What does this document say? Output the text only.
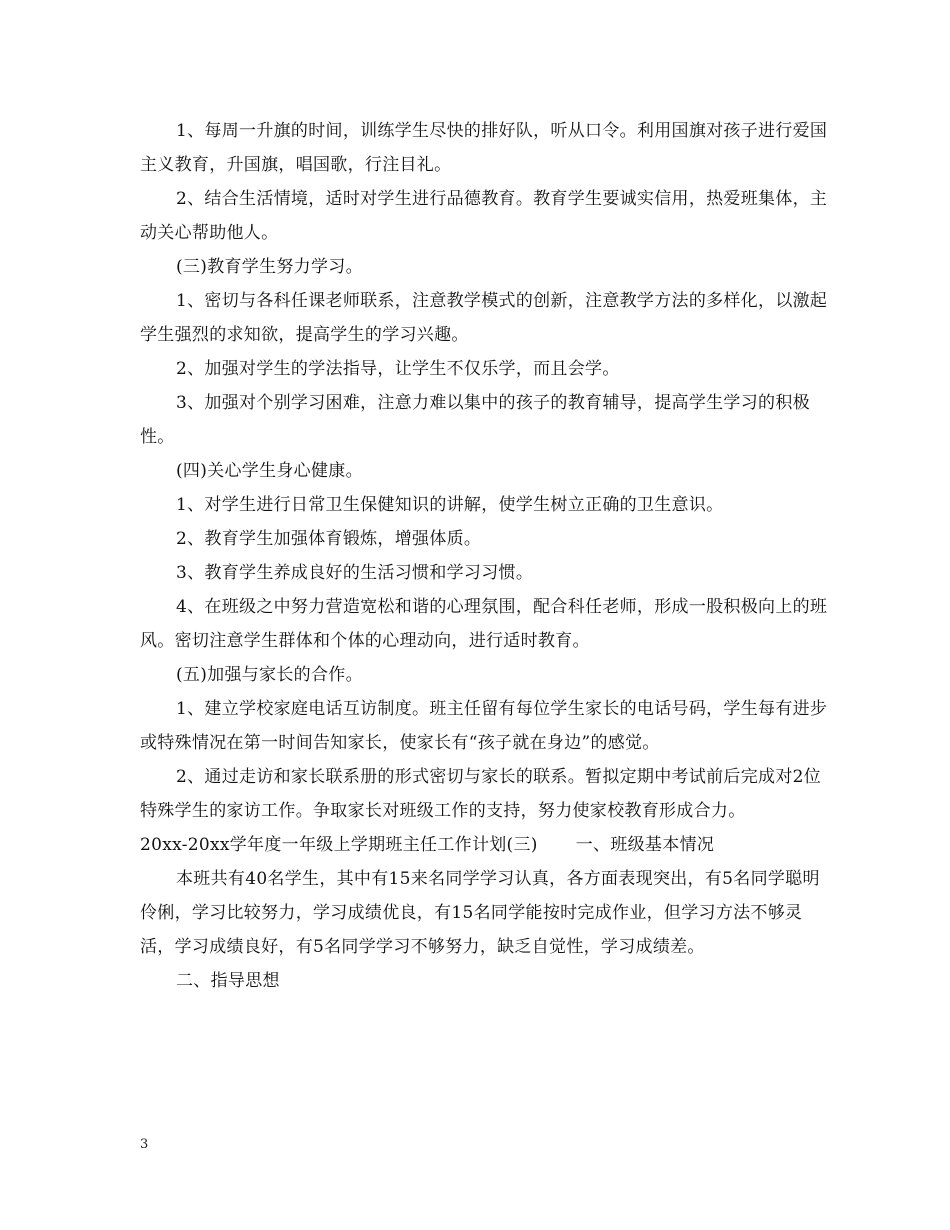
1、每周一升旗的时间，训练学生尽快的排好队，听从口令。利用国旗对孩子进行爱国主义教育，升国旗，唱国歌，行注目礼。

2、结合生活情境，适时对学生进行品德教育。教育学生要诚实信用，热爱班集体，主动关心帮助他人。

(三)教育学生努力学习。

1、密切与各科任课老师联系，注意教学模式的创新，注意教学方法的多样化，以激起学生强烈的求知欲，提高学生的学习兴趣。

2、加强对学生的学法指导，让学生不仅乐学，而且会学。

3、加强对个别学习困难，注意力难以集中的孩子的教育辅导，提高学生学习的积极性。

(四)关心学生身心健康。

1、对学生进行日常卫生保健知识的讲解，使学生树立正确的卫生意识。

2、教育学生加强体育锻炼，增强体质。

3、教育学生养成良好的生活习惯和学习习惯。

4、在班级之中努力营造宽松和谐的心理氛围，配合科任老师，形成一股积极向上的班风。密切注意学生群体和个体的心理动向，进行适时教育。

(五)加强与家长的合作。

1、建立学校家庭电话互访制度。班主任留有每位学生家长的电话号码，学生每有进步或特殊情况在第一时间告知家长，使家长有“孩子就在身边”的感觉。

2、通过走访和家长联系册的形式密切与家长的联系。暂拟定期中考试前后完成对2位特殊学生的家访工作。争取家长对班级工作的支持，努力使家校教育形成合力。

20xx-20xx学年度一年级上学期班主任工作计划(三) 一、班级基本情况

本班共有40名学生，其中有15来名同学学习认真，各方面表现突出，有5名同学聪明伶俐，学习比较努力，学习成绩优良，有15名同学能按时完成作业，但学习方法不够灵活，学习成绩良好，有5名同学学习不够努力，缺乏自觉性，学习成绩差。

二、指导思想

3
